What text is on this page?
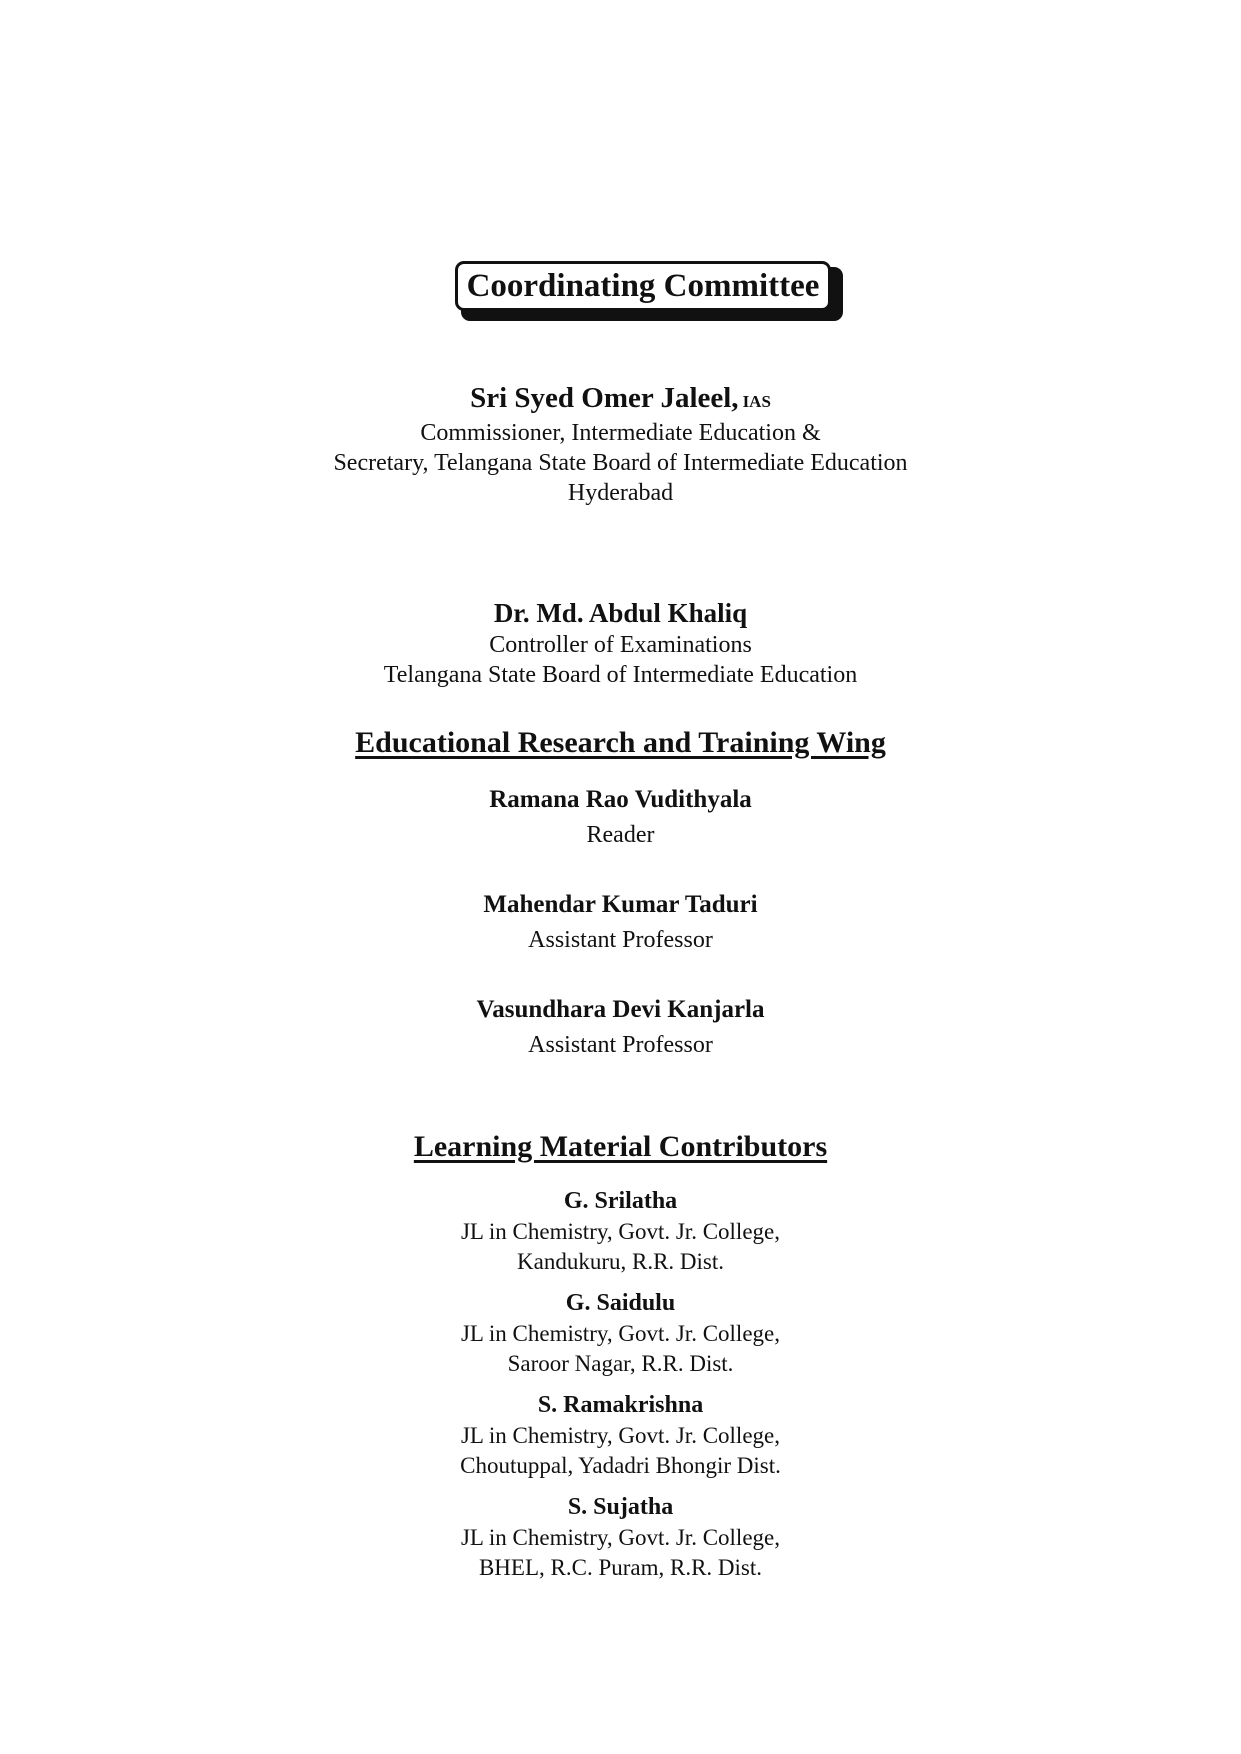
Coordinating Committee
Sri Syed Omer Jaleel, IAS
Commissioner, Intermediate Education &
Secretary, Telangana State Board of Intermediate Education
Hyderabad
Dr. Md. Abdul Khaliq
Controller of Examinations
Telangana State Board of Intermediate Education
Educational Research and Training Wing
Ramana Rao Vudithyala
Reader
Mahendar Kumar Taduri
Assistant Professor
Vasundhara Devi Kanjarla
Assistant Professor
Learning Material Contributors
G. Srilatha
JL in Chemistry, Govt. Jr. College,
Kandukuru, R.R. Dist.
G. Saidulu
JL in Chemistry, Govt. Jr. College,
Saroor Nagar, R.R. Dist.
S. Ramakrishna
JL in Chemistry, Govt. Jr. College,
Choutuppal, Yadadri Bhongir Dist.
S. Sujatha
JL in Chemistry, Govt. Jr. College,
BHEL, R.C. Puram, R.R. Dist.
